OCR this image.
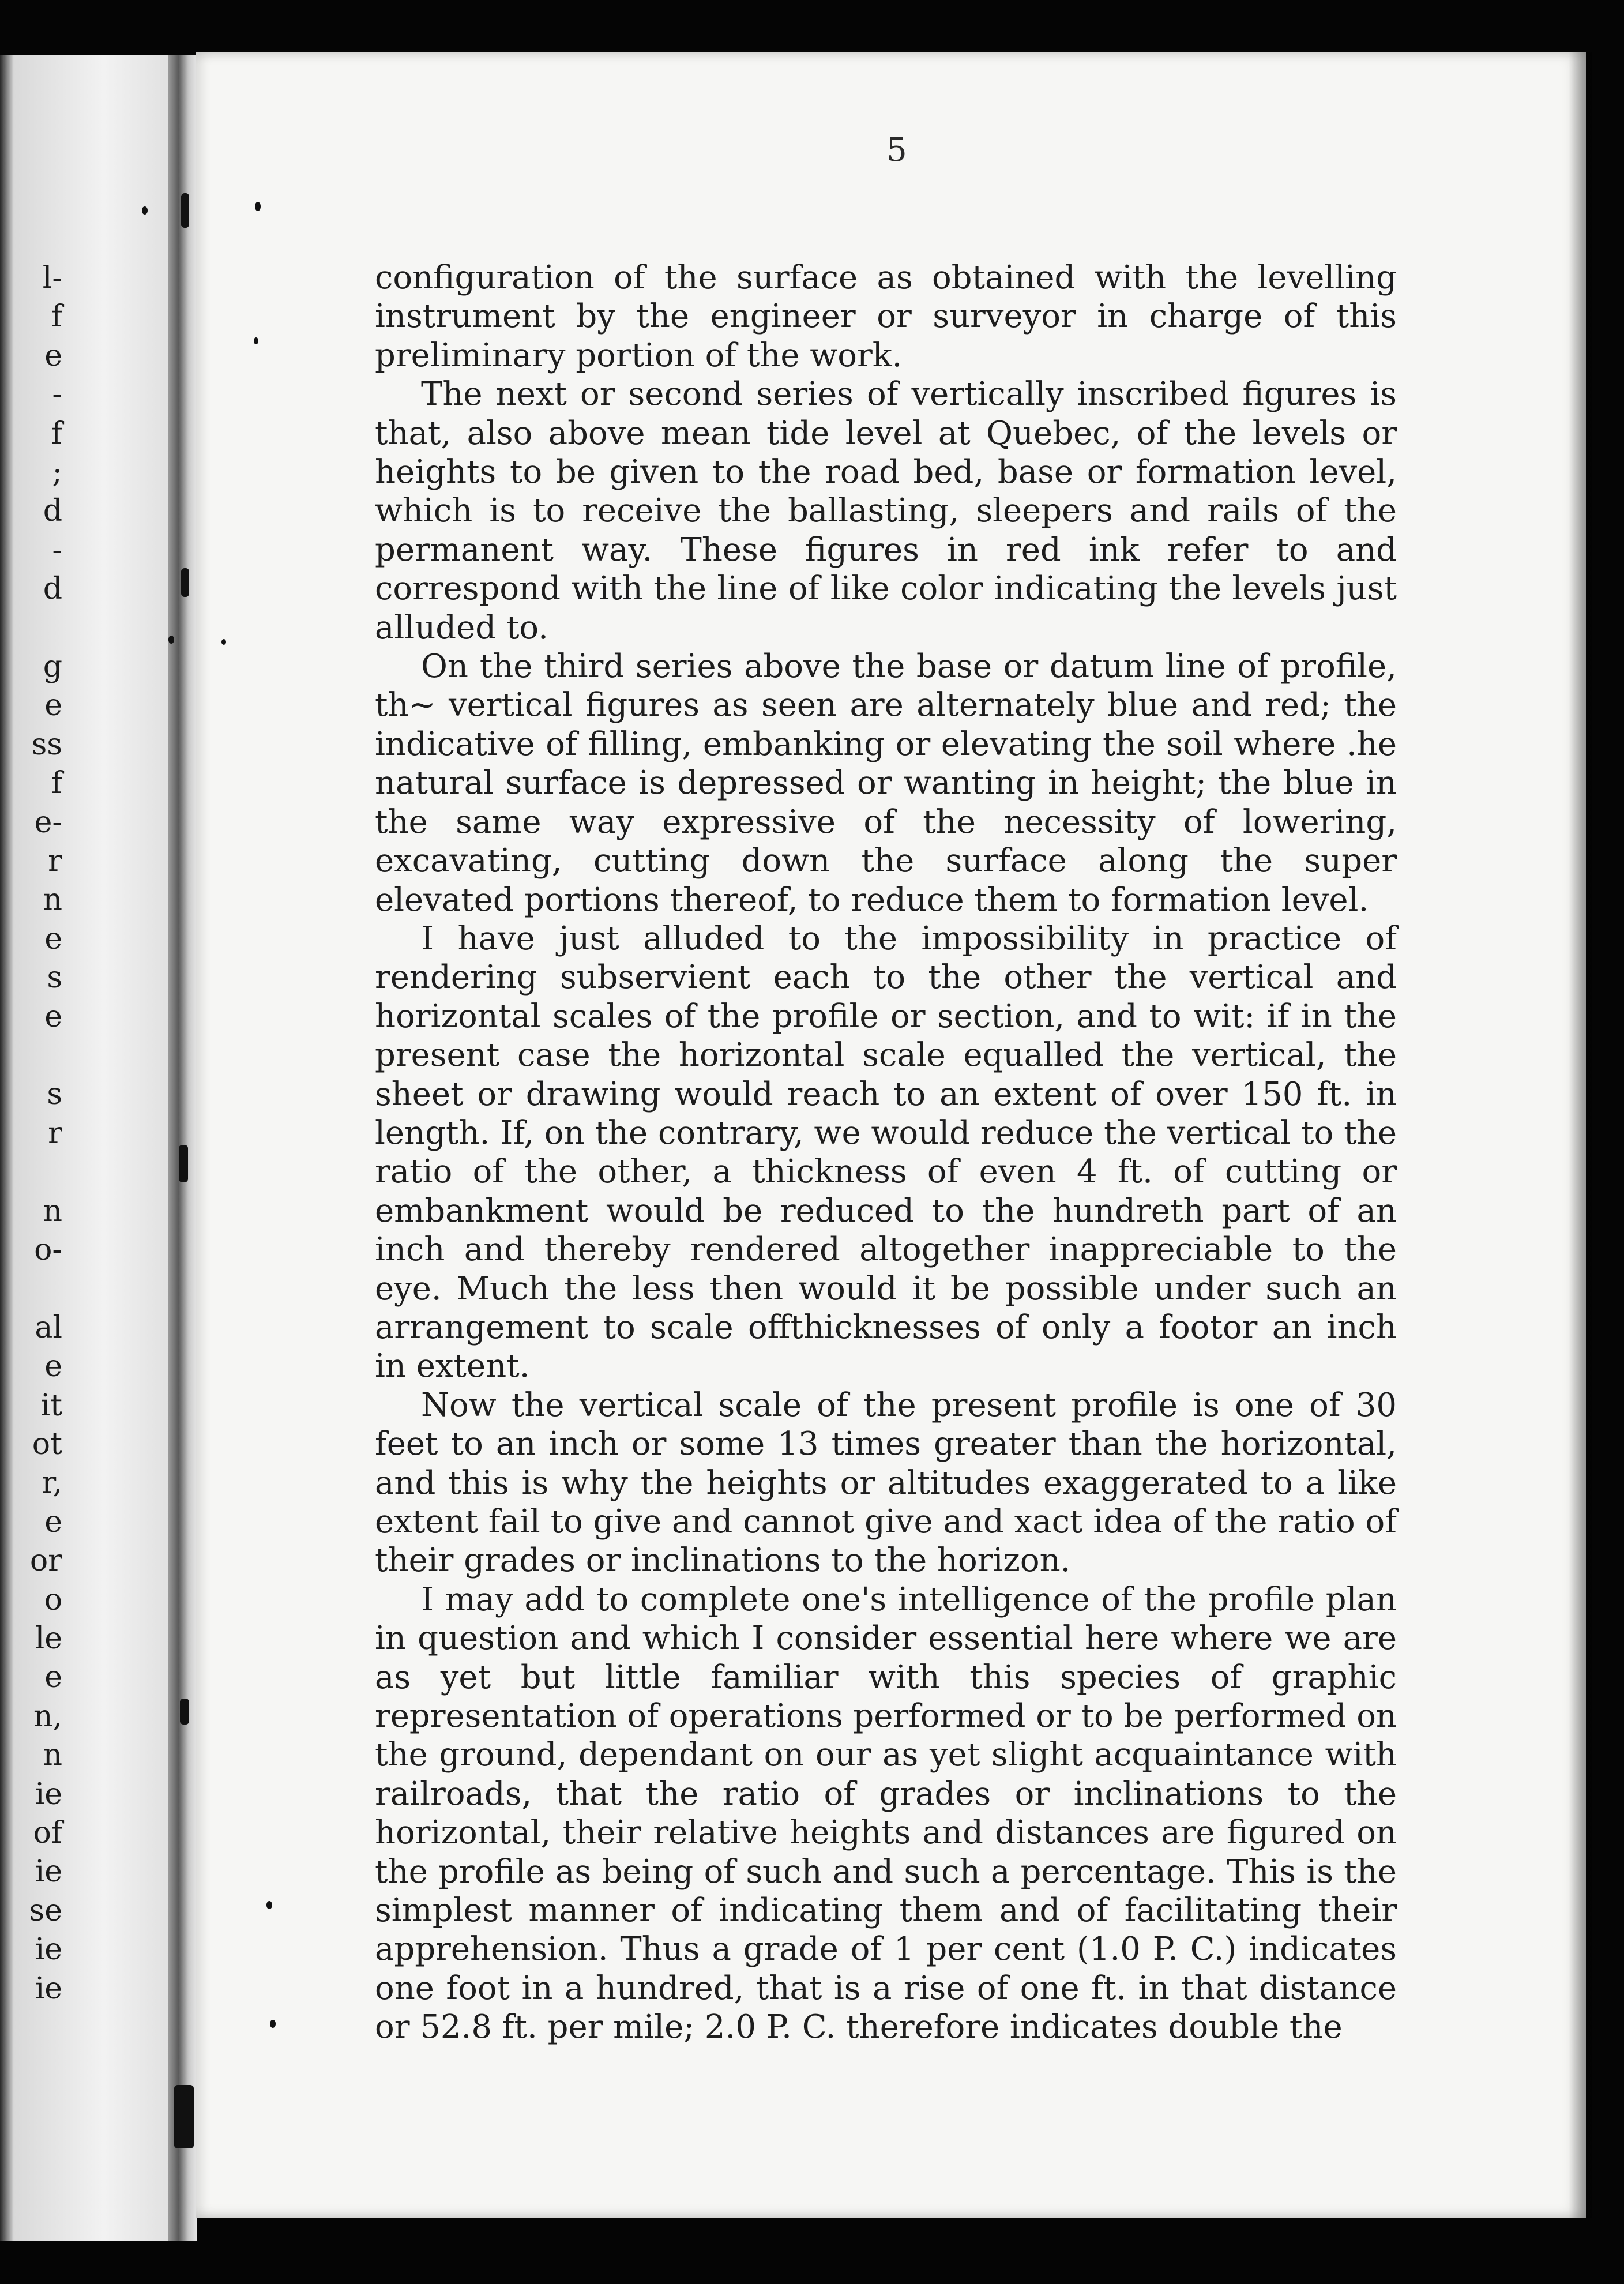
l-
f
e
-
f
;
d
-
d
g
e
ss
f
e-
r
n
e
s
e
s
r
n
o-
al
e
it
ot
r,
e
or
o
le
e
n,
n
ie
of
ie
se
ie
ie
5

configuration of the surface as obtained with the levelling instrument by the engineer or surveyor in charge of this preliminary portion of the work.

The next or second series of vertically inscribed figures is that, also above mean tide level at Quebec, of the levels or heights to be given to the road bed, base or formation level, which is to receive the ballasting, sleepers and rails of the permanent way. These figures in red ink refer to and correspond with the line of like color indicating the levels just alluded to.

On the third series above the base or datum line of profile, th~ vertical figures as seen are alternately blue and red; the indicative of filling, embanking or elevating the soil where .he natural surface is depressed or wanting in height; the blue in the same way expressive of the necessity of lowering, excavating, cutting down the surface along the super elevated portions thereof, to reduce them to formation level.

I have just alluded to the impossibility in practice of rendering subservient each to the other the vertical and horizontal scales of the profile or section, and to wit: if in the present case the horizontal scale equalled the vertical, the sheet or drawing would reach to an extent of over 150 ft. in length. If, on the contrary, we would reduce the vertical to the ratio of the other, a thickness of even 4 ft. of cutting or embankment would be reduced to the hundreth part of an inch and thereby rendered altogether inappreciable to the eye. Much the less then would it be possible under such an arrangement to scale offthicknesses of only a footor an inch in extent.

Now the vertical scale of the present profile is one of 30 feet to an inch or some 13 times greater than the horizontal, and this is why the heights or altitudes exaggerated to a like extent fail to give and cannot give and xact idea of the ratio of their grades or inclinations to the horizon.

I may add to complete one's intelligence of the profile plan in question and which I consider essential here where we are as yet but little familiar with this species of graphic representation of operations performed or to be performed on the ground, dependant on our as yet slight acquaintance with railroads, that the ratio of grades or inclinations to the horizontal, their relative heights and distances are figured on the profile as being of such and such a percentage. This is the simplest manner of indicating them and of facilitating their apprehension. Thus a grade of 1 per cent (1.0 P. C.) indicates one foot in a hundred, that is a rise of one ft. in that distance or 52.8 ft. per mile; 2.0 P. C. therefore indicates double the
